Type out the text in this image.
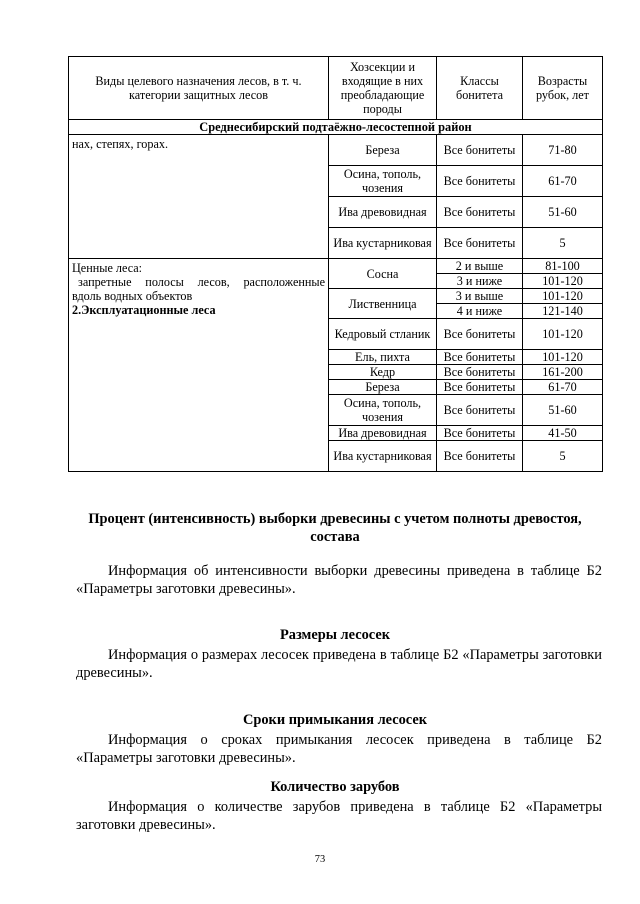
Виды целевого назначения лесов, в т. ч. категории защитных лесов	Хозсекции и входящие в них преобладающие породы	Классы бонитета	Возрасты рубок, лет
Среднесибирский подтаёжно-лесостепной район			

нах, степях, горах.	Береза	Все бонитеты	71-80
	Осина, тополь, чозения	Все бонитеты	61-70
	Ива древовидная	Все бонитеты	51-60
	Ива кустарниковая	Все бонитеты	5

Ценные леса:
запретные полосы лесов, расположенные
вдоль водных объектов
2.Эксплуатационные леса	Сосна	2 и выше	81-100
		3 и ниже	101-120
	Лиственница	3 и выше	101-120
		4 и ниже	121-140
	Кедровый стланик	Все бонитеты	101-120
	Ель, пихта	Все бонитеты	101-120
	Кедр	Все бонитеты	161-200
	Береза	Все бонитеты	61-70
	Осина, тополь, чозения	Все бонитеты	51-60
	Ива древовидная	Все бонитеты	41-50
	Ива кустарниковая	Все бонитеты	5
Процент (интенсивность) выборки древесины с учетом полноты древостоя, состава
Информация об интенсивности выборки древесины приведена в таблице Б2 «Параметры заготовки древесины».
Размеры лесосек
Информация о размерах лесосек приведена в таблице Б2 «Параметры заготовки древесины».
Сроки примыкания лесосек
Информация о сроках примыкания лесосек приведена в таблице Б2 «Параметры заготовки древесины».
Количество зарубов
Информация о количестве зарубов приведена в таблице Б2 «Параметры заготовки древесины».
73
